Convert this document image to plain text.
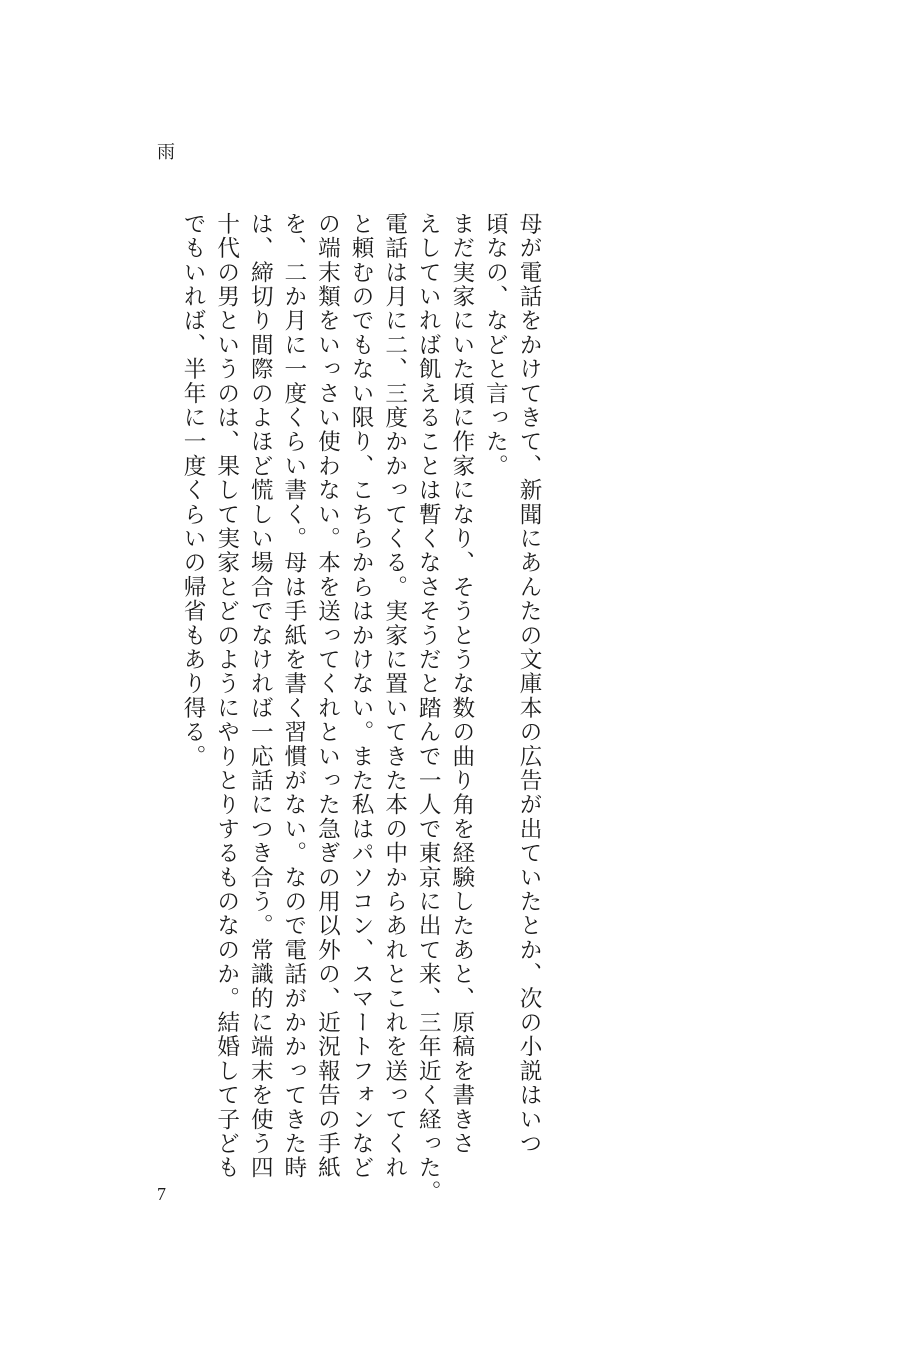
雨
母が電話をかけてきて、新聞にあんたの文庫本の広告が出ていたとか、次の小説はいつ
頃なの、などと言った。
まだ実家にいた頃に作家になり、そうとうな数の曲り角を経験したあと、原稿を書きさ
えしていれば飢えることは暫くなさそうだと踏んで一人で東京に出て来、三年近く経った。
電話は月に二、三度かかってくる。実家に置いてきた本の中からあれとこれを送ってくれ
と頼むのでもない限り、こちらからはかけない。また私はパソコン、スマートフォンなど
の端末類をいっさい使わない。本を送ってくれといった急ぎの用以外の、近況報告の手紙
を、二か月に一度くらい書く。母は手紙を書く習慣がない。なので電話がかかってきた時
は、締切り間際のよほど慌しい場合でなければ一応話につき合う。常識的に端末を使う四
十代の男というのは、果して実家とどのようにやりとりするものなのか。結婚して子ども
でもいれば、半年に一度くらいの帰省もあり得る。
7
